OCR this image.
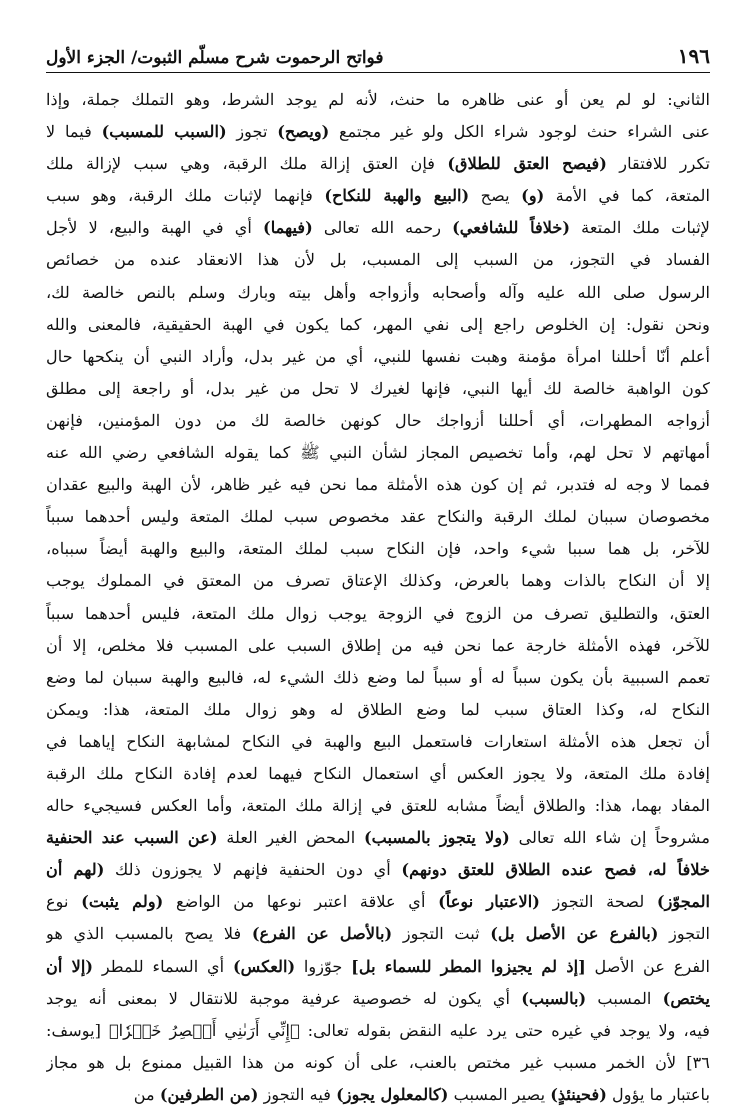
١٩٦
فواتح الرحموت شرح مسلّم الثبوت/ الجزء الأول
الثاني: لو لم يعن أو عنى ظاهره ما حنث، لأنه لم يوجد الشرط، وهو التملك جملة، وإذا
عنى الشراء حنث لوجود شراء الكل ولو غير مجتمع (ويصح) تجوز (السبب للمسبب) فيما لا
تكرر للافتقار (فيصح العتق للطلاق) فإن العتق إزالة ملك الرقبة، وهي سبب لإزالة ملك
المتعة، كما في الأمة (و) يصح (البيع والهبة للنكاح) فإنهما لإثبات ملك الرقبة، وهو سبب
لإثبات ملك المتعة (خلافاً للشافعي) رحمه الله تعالى (فيهما) أي في الهبة والبيع، لا لأجل
الفساد في التجوز، من السبب إلى المسبب، بل لأن هذا الانعقاد عنده من خصائص
الرسول صلى الله عليه وآله وأصحابه وأزواجه وأهل بيته وبارك وسلم بالنص خالصة لك،
ونحن نقول: إن الخلوص راجع إلى نفي المهر، كما يكون في الهبة الحقيقية، فالمعنى والله
أعلم أنّا أحللنا امرأة مؤمنة وهبت نفسها للنبي، أي من غير بدل، وأراد النبي أن ينكحها حال
كون الواهبة خالصة لك أيها النبي، فإنها لغيرك لا تحل من غير بدل، أو راجعة إلى مطلق
أزواجه المطهرات، أي أحللنا أزواجك حال كونهن خالصة لك من دون المؤمنين، فإنهن
أمهاتهم لا تحل لهم، وأما تخصيص المجاز لشأن النبي ﷺ كما يقوله الشافعي رضي الله عنه
فمما لا وجه له فتدبر، ثم إن كون هذه الأمثلة مما نحن فيه غير ظاهر، لأن الهبة والبيع عقدان
مخصوصان سببان لملك الرقبة والنكاح عقد مخصوص سبب لملك المتعة وليس أحدهما سبباً
للآخر، بل هما سببا شيء واحد، فإن النكاح سبب لملك المتعة، والبيع والهبة أيضاً سبباه،
إلا أن النكاح بالذات وهما بالعرض، وكذلك الإعتاق تصرف من المعتق في المملوك يوجب
العتق، والتطليق تصرف من الزوج في الزوجة يوجب زوال ملك المتعة، فليس أحدهما سبباً
للآخر، فهذه الأمثلة خارجة عما نحن فيه من إطلاق السبب على المسبب فلا مخلص، إلا أن
تعمم السببية بأن يكون سبباً له أو سبباً لما وضع ذلك الشيء له، فالبيع والهبة سببان لما وضع
النكاح له، وكذا العتاق سبب لما وضع الطلاق له وهو زوال ملك المتعة، هذا: ويمكن
أن تجعل هذه الأمثلة استعارات فاستعمل البيع والهبة في النكاح لمشابهة النكاح إياهما في
إفادة ملك المتعة، ولا يجوز العكس أي استعمال النكاح فيهما لعدم إفادة النكاح ملك الرقبة
المفاد بهما، هذا: والطلاق أيضاً مشابه للعتق في إزالة ملك المتعة، وأما العكس فسيجيء حاله
مشروحاً إن شاء الله تعالى (ولا يتجوز بالمسبب) المحض الغير العلة (عن السبب عند الحنفية
خلافاً له، فصح عنده الطلاق للعتق دونهم) أي دون الحنفية فإنهم لا يجوزون ذلك (لهم أن
المجوّز) لصحة التجوز (الاعتبار نوعاً) أي علاقة اعتبر نوعها من الواضع (ولم يثبت) نوع
التجوز (بالفرع عن الأصل بل) ثبت التجوز (بالأصل عن الفرع) فلا يصح بالمسبب الذي هو
الفرع عن الأصل [إذ لم يجيزوا المطر للسماء بل] جوّزوا (العكس) أي السماء للمطر (إلا أن
يختص) المسبب (بالسبب) أي يكون له خصوصية عرفية موجبة للانتقال لا بمعنى أنه يوجد
فيه، ولا يوجد في غيره حتى يرد عليه النقض بقوله تعالى: ﴿إِنِّي أَرَىٰنِي أَعۡصِرُ خَمۡرٗا﴾ [يوسف:
٣٦] لأن الخمر مسبب غير مختص بالعنب، على أن كونه من هذا القبيل ممنوع بل هو مجاز
باعتبار ما يؤول (فحينئذٍ) يصير المسبب (كالمعلول يجوز) فيه التجوز (من الطرفين) من
